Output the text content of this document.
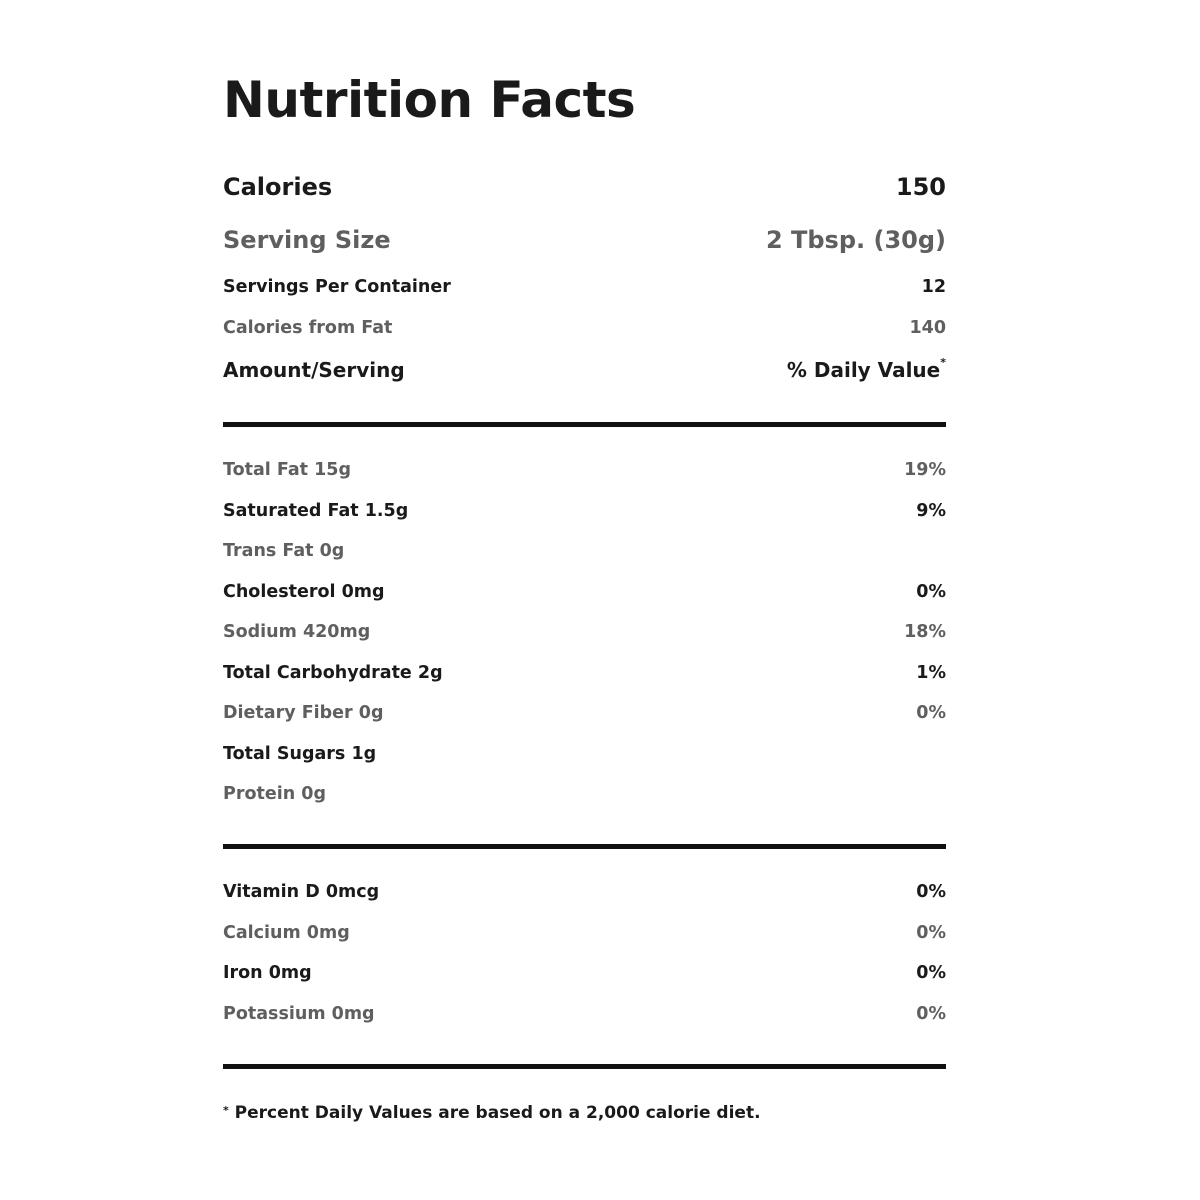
Nutrition Facts
Calories	150
Serving Size	2 Tbsp. (30g)
Servings Per Container	12
Calories from Fat	140
Amount/Serving	% Daily Value*
Total Fat 15g	19%
Saturated Fat 1.5g	9%
Trans Fat 0g
Cholesterol 0mg	0%
Sodium 420mg	18%
Total Carbohydrate 2g	1%
Dietary Fiber 0g	0%
Total Sugars 1g
Protein 0g
Vitamin D 0mcg	0%
Calcium 0mg	0%
Iron 0mg	0%
Potassium 0mg	0%
* Percent Daily Values are based on a 2,000 calorie diet.
